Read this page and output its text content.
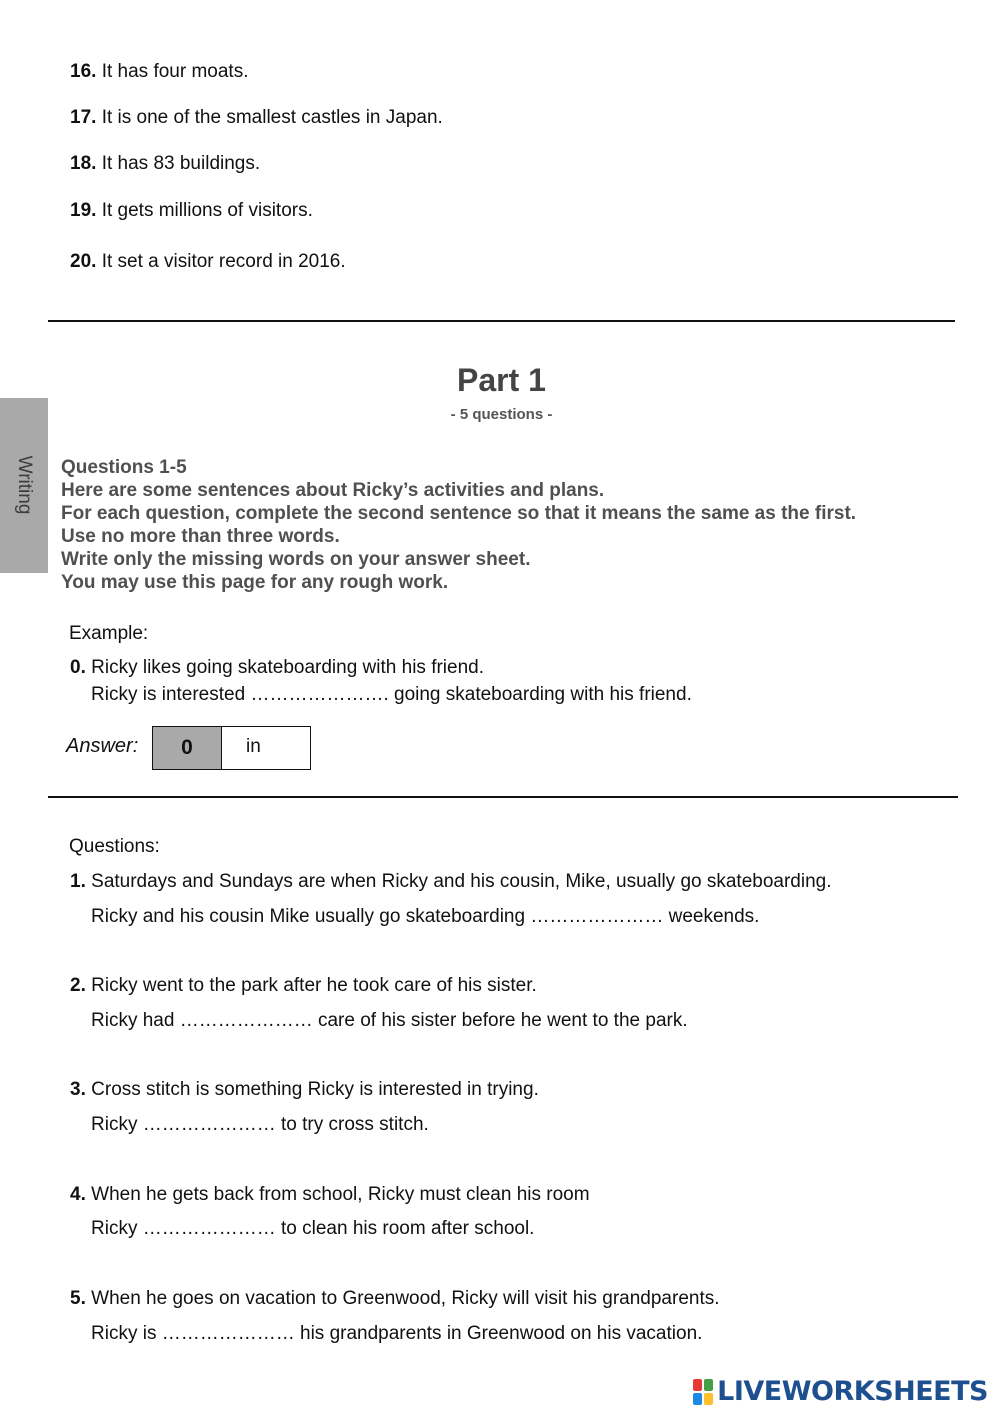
16. It has four moats.
17. It is one of the smallest castles in Japan.
18. It has 83 buildings.
19. It gets millions of visitors.
20. It set a visitor record in 2016.
Writing
Part 1
- 5 questions -
Questions 1-5
Here are some sentences about Ricky’s activities and plans.
For each question, complete the second sentence so that it means the same as the first.
Use no more than three words.
Write only the missing words on your answer sheet.
You may use this page for any rough work.
Example:
0. Ricky likes going skateboarding with his friend.
Ricky is interested …………………. going skateboarding with his friend.
Answer:	0	in
Questions:
1. Saturdays and Sundays are when Ricky and his cousin, Mike, usually go skateboarding.
Ricky and his cousin Mike usually go skateboarding ………………… weekends.
2. Ricky went to the park after he took care of his sister.
Ricky had ………………… care of his sister before he went to the park.
3. Cross stitch is something Ricky is interested in trying.
Ricky ………………… to try cross stitch.
4. When he gets back from school, Ricky must clean his room
Ricky ………………… to clean his room after school.
5. When he goes on vacation to Greenwood, Ricky will visit his grandparents.
Ricky is ………………… his grandparents in Greenwood on his vacation.
LIVEWORKSHEETS
